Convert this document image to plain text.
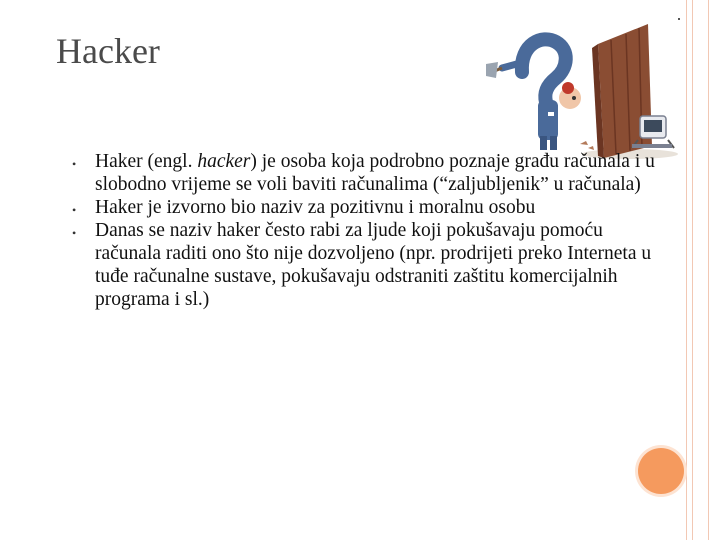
Hacker
• Haker (engl. hacker) je osoba koja podrobno poznaje građu računala i u slobodno vrijeme se voli baviti računalima (“zaljubljenik” u računala)
• Haker je izvorno bio naziv za pozitivnu i moralnu osobu
• Danas se naziv haker često rabi za ljude koji pokušavaju pomoću računala raditi ono što nije dozvoljeno (npr. prodrijeti preko Interneta u tuđe računalne sustave, pokušavaju odstraniti zaštitu komercijalnih programa i sl.)
